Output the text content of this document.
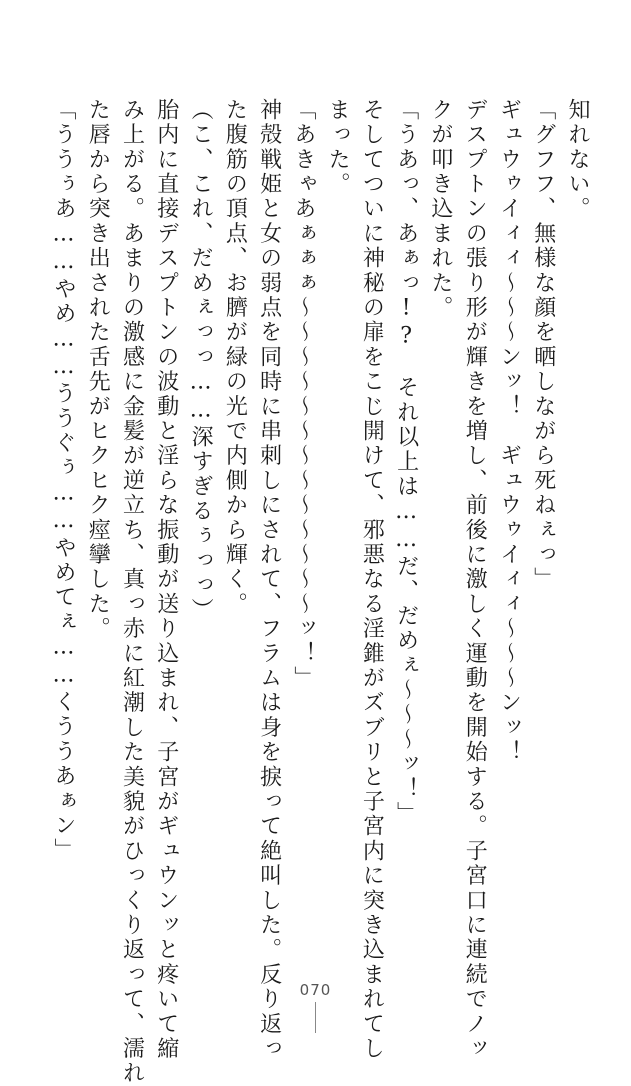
知れない。
「グフフ、無様な顔を晒しながら死ねぇっ」
ギュウゥイィィ〜〜〜ンッ！　ギュウゥイィィ〜〜〜ンッ！
デスプトンの張り形が輝きを増し、前後に激しく運動を開始する。子宮口に連続でノッ
クが叩き込まれた。
「うあっ、あぁっ!?　それ以上は……だ、だめぇ〜〜〜ッ！」
そしてついに神秘の扉をこじ開けて、邪悪なる淫錐がズブリと子宮内に突き込まれてし
まった。
「あきゃあぁぁぁ〜〜〜〜〜〜〜〜〜〜〜〜〜ッ！」
神殻戦姫と女の弱点を同時に串刺しにされて、フラムは身を捩って絶叫した。反り返っ
た腹筋の頂点、お臍が緑の光で内側から輝く。
（こ、これ、だめぇっっ……深すぎるぅっっ）
胎内に直接デスプトンの波動と淫らな振動が送り込まれ、子宮がギュウンッと疼いて縮
み上がる。あまりの激感に金髪が逆立ち、真っ赤に紅潮した美貌がひっくり返って、濡れ
た唇から突き出された舌先がヒクヒク痙攣した。
「ううぅあ……やめ……ううぐぅ……やめてぇ……くううあぁン」
070
